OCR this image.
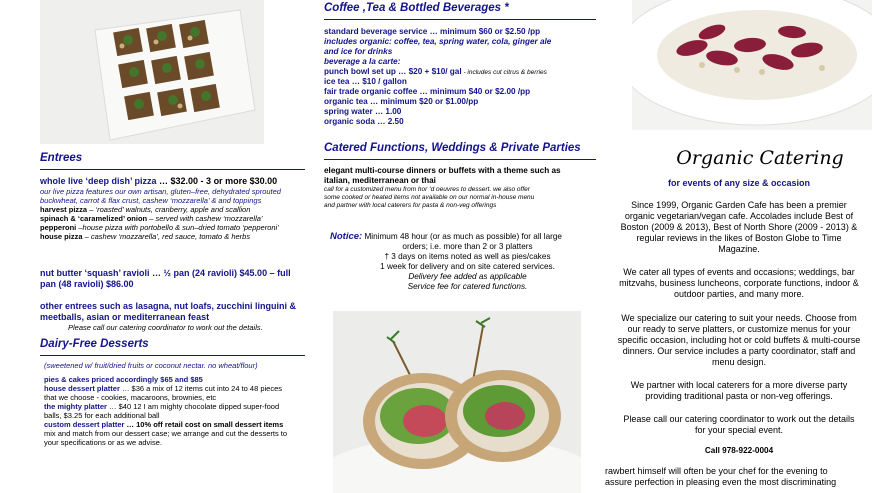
Entrees
whole live ‘deep dish’ pizza … $32.00 - 3 or more $30.00
our live pizza features our own artisan, gluten–free, dehydrated sprouted
buckwheat, carrot & flax crust, cashew ‘mozzarella’ & and toppings
harvest pizza – ‘roasted’ walnuts, cranberry, apple and scallion
spinach & ‘caramelized’ onion – served with cashew ‘mozzarella’
pepperoni –house pizza with portobello & sun–dried tomato ‘pepperoni’
house pizza – cashew ‘mozzarella’, red sauce, tomato & herbs
nut butter ‘squash’ ravioli … ½ pan (24 ravioli) $45.00 – full
pan (48 ravioli) $86.00
other entrees such as lasagna, nut loafs, zucchini linguini &
meetballs, asian or mediterranean feast
Please call our catering coordinator to work out the details.
Dairy-Free Desserts
(sweetened w/ fruit/dried fruits or coconut nectar. no wheat/flour)
pies & cakes priced accordingly $65 and $85
house dessert platter … $36 a mix of 12 items cut into 24 to 48 pieces
that we choose - cookies, macaroons, brownies, etc
the mighty platter … $40 12 I am mighty chocolate dipped super-food
balls, $3.25 for each additional ball
custom dessert platter … 10% off retail cost on small dessert items
mix and match from our dessert case; we arrange and cut the desserts to
your specifications or as we advise.
Coffee ,Tea & Bottled Beverages *
standard beverage service … minimum $60 or $2.50 /pp
includes organic: coffee, tea, spring water, cola, ginger ale
and ice for drinks
beverage a la carte:
punch bowl set up … $20 + $10/ gal - includes cut citrus & berries
ice tea … $10 / gallon
fair trade organic coffee … minimum $40 or $2.00 /pp
organic tea … minimum $20 or $1.00/pp
spring water … 1.00
organic soda … 2.50
Catered Functions, Weddings & Private Parties
elegant multi-course dinners or buffets with a theme such as
italian, mediterranean or thai
call for a customized menu from hor ‘d oeuvres to dessert. we also offer
some cooked or heated items not available on our normal in-house menu
and partner with local caterers for pasta & non-veg offerings
Notice: Minimum 48 hour (or as much as possible) for all large
orders; i.e. more than 2 or 3 platters
† 3 days on items noted as well as pies/cakes
1 week for delivery and on site catered services.
Delivery fee added as applicable
Service fee for catered functions.
Organic Catering
for events of any size & occasion
Since 1999, Organic Garden Cafe has been a premier
organic vegetarian/vegan cafe. Accolades include Best of
Boston (2009 & 2013), Best of North Shore (2009 - 2013) &
regular reviews in the likes of Boston Globe to Time
Magazine.
We cater all types of events and occasions; weddings, bar
mitzvahs, business luncheons, corporate functions, indoor &
outdoor parties, and many more.
We specialize our catering to suit your needs. Choose from
our ready to serve platters, or customize menus for your
specific occasion, including hot or cold buffets & multi-course
dinners. Our service includes a party coordinator, staff and
menu design.
We partner with local caterers for a more diverse party
providing traditional pasta or non-veg offerings.
Please call our catering coordinator to work out the details
for your special event.
Call 978-922-0004
rawbert himself will often be your chef for the evening to
assure perfection in pleasing even the most discriminating
